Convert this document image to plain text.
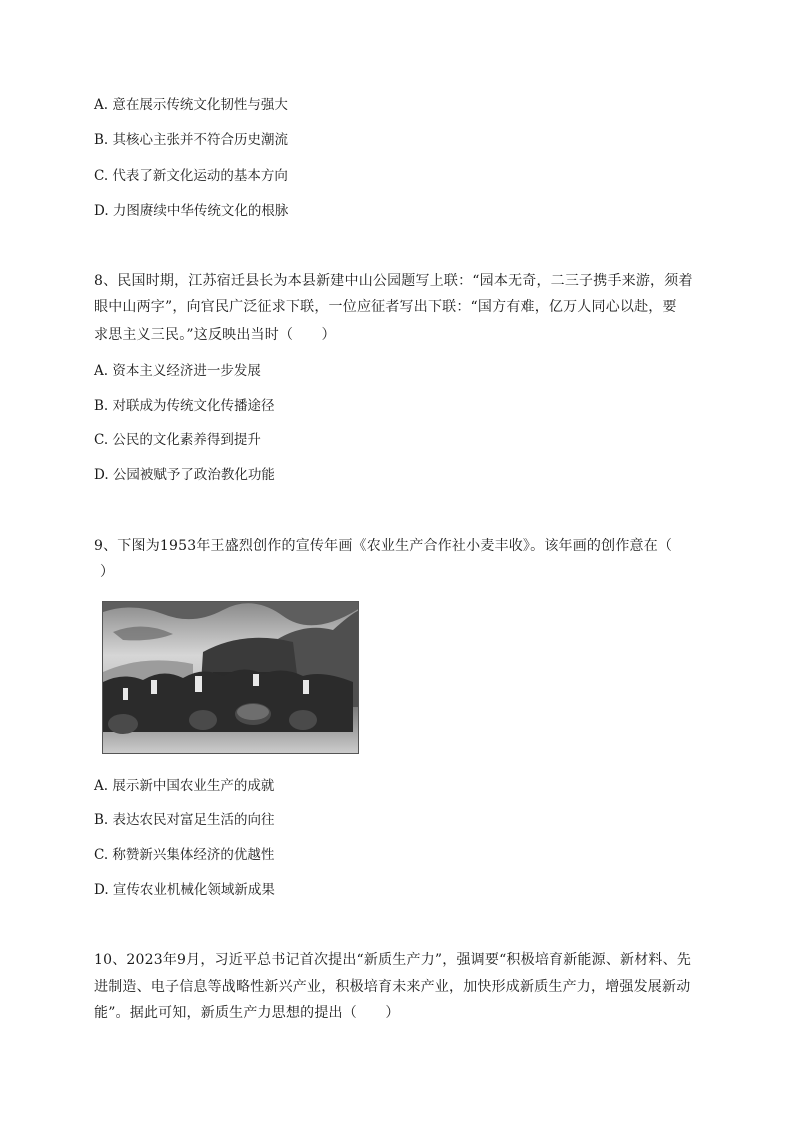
A. 意在展示传统文化韧性与强大
B. 其核心主张并不符合历史潮流
C. 代表了新文化运动的基本方向
D. 力图赓续中华传统文化的根脉
8、民国时期，江苏宿迁县长为本县新建中山公园题写上联：“园本无奇，二三子携手来游，须着
眼中山两字”，向官民广泛征求下联，一位应征者写出下联：“国方有难，亿万人同心以赴，要
求思主义三民。”这反映出当时（　　）
A. 资本主义经济进一步发展
B. 对联成为传统文化传播途径
C. 公民的文化素养得到提升
D. 公园被赋予了政治教化功能
9、下图为1953年王盛烈创作的宣传年画《农业生产合作社小麦丰收》。该年画的创作意在（
）
A. 展示新中国农业生产的成就
B. 表达农民对富足生活的向往
C. 称赞新兴集体经济的优越性
D. 宣传农业机械化领域新成果
10、2023年9月，习近平总书记首次提出“新质生产力”，强调要“积极培育新能源、新材料、先
进制造、电子信息等战略性新兴产业，积极培育未来产业，加快形成新质生产力，增强发展新动
能”。据此可知，新质生产力思想的提出（　　）
